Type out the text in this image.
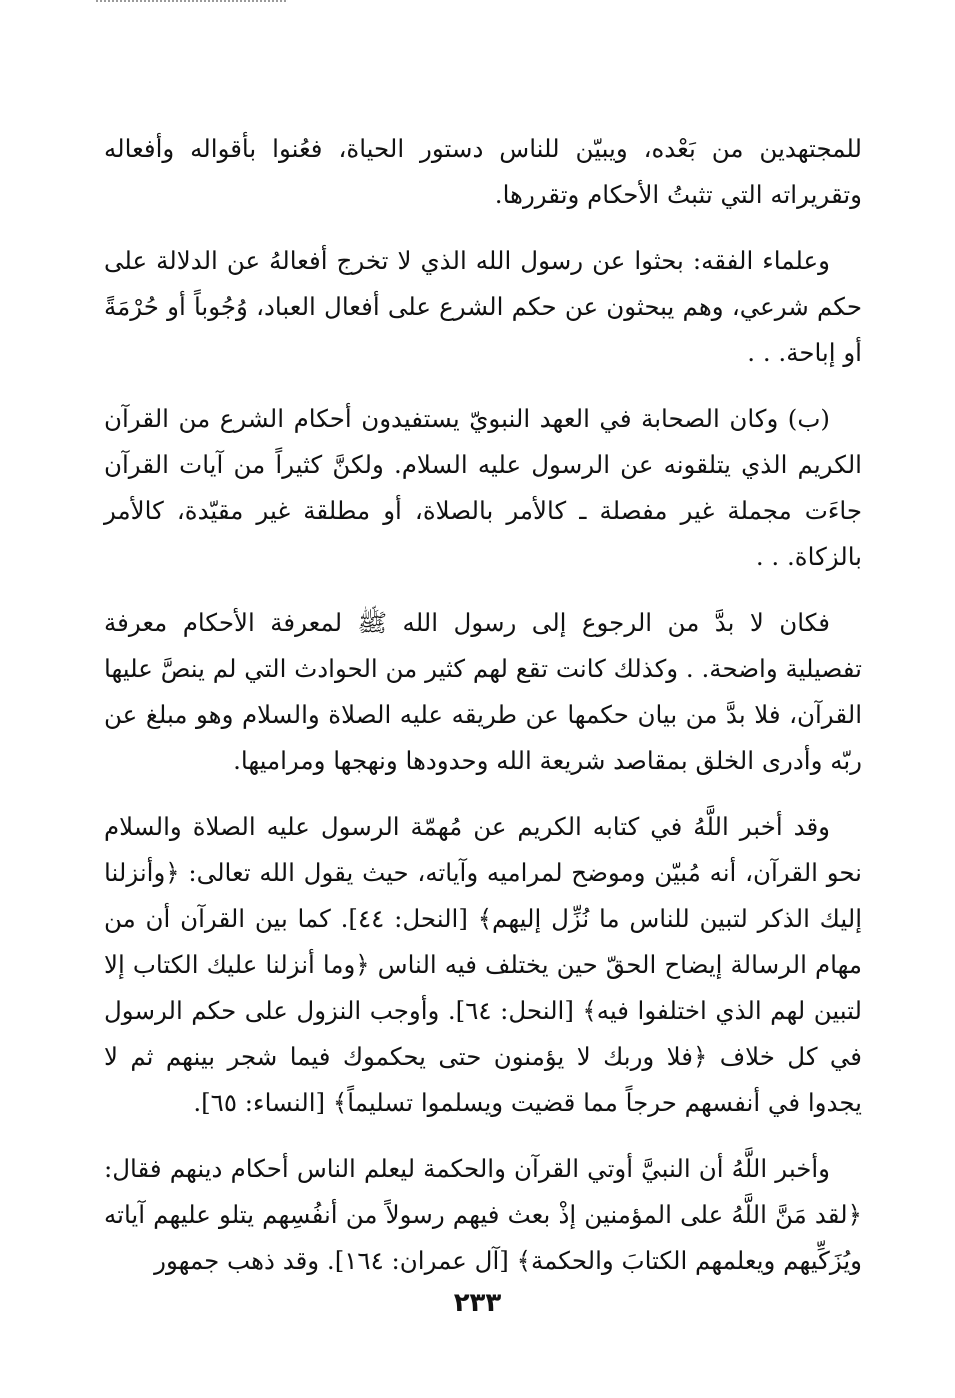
للمجتهدين من بَعْده، ويبيّن للناس دستور الحياة، فعُنوا بأقواله وأفعاله وتقريراته التي تثبتُ الأحكام وتقررها.

وعلماء الفقه: بحثوا عن رسول الله الذي لا تخرج أفعالهُ عن الدلالة على حكم شرعي، وهم يبحثون عن حكم الشرع على أفعال العباد، وُجُوباً أو حُرْمَةً أو إباحة. . .

(ب) وكان الصحابة في العهد النبويّ يستفيدون أحكام الشرع من القرآن الكريم الذي يتلقونه عن الرسول عليه السلام. ولكنَّ كثيراً من آيات القرآن جاءَت مجملة غير مفصلة ـ كالأمر بالصلاة، أو مطلقة غير مقيّدة، كالأمر بالزكاة. . .

فكان لا بدَّ من الرجوع إلى رسول الله ﷺ لمعرفة الأحكام معرفة تفصيلية واضحة. . وكذلك كانت تقع لهم كثير من الحوادث التي لم ينصَّ عليها القرآن، فلا بدَّ من بيان حكمها عن طريقه عليه الصلاة والسلام وهو مبلغ عن ربّه وأدرى الخلق بمقاصد شريعة الله وحدودها ونهجها ومراميها.

وقد أخبر اللَّهُ في كتابه الكريم عن مُهمّة الرسول عليه الصلاة والسلام نحو القرآن، أنه مُبيّن وموضح لمراميه وآياته، حيث يقول الله تعالى: ﴿وأنزلنا إليك الذكر لتبين للناس ما نُزِّل إليهم﴾ [النحل: ٤٤]. كما بين القرآن أن من مهام الرسالة إيضاح الحقّ حين يختلف فيه الناس ﴿وما أنزلنا عليك الكتاب إلا لتبين لهم الذي اختلفوا فيه﴾ [النحل: ٦٤]. وأوجب النزول على حكم الرسول في كل خلاف ﴿فلا وربك لا يؤمنون حتى يحكموك فيما شجر بينهم ثم لا يجدوا في أنفسهم حرجاً مما قضيت ويسلموا تسليماً﴾ [النساء: ٦٥].

وأخبر اللَّهُ أن النبيَّ أوتي القرآن والحكمة ليعلم الناس أحكام دينهم فقال: ﴿لقد مَنَّ اللَّهُ على المؤمنين إذْ بعث فيهم رسولاً من أنفُسِهم يتلو عليهم آياته ويُزَكِّيهم ويعلمهم الكتابَ والحكمة﴾ [آل عمران: ١٦٤]. وقد ذهب جمهور

٢٣٣
